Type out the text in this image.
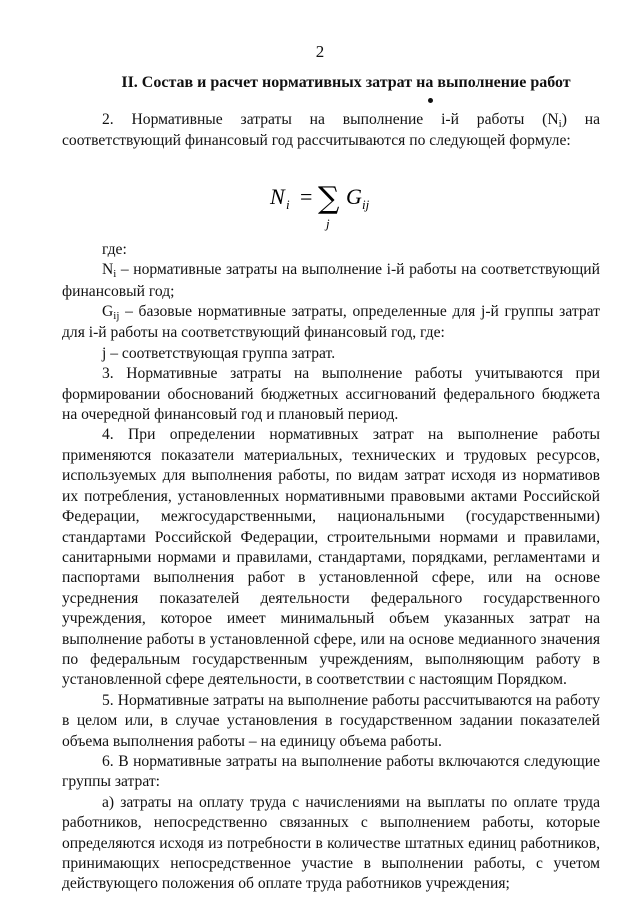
2
II. Состав и расчет нормативных затрат на выполнение работ

2. Нормативные затраты на выполнение i-й работы (Ni) на соответствующий финансовый год рассчитываются по следующей формуле:

N i = ∑
j
G ij

где:

Ni – нормативные затраты на выполнение i-й работы на соответствующий финансовый год;

Gij – базовые нормативные затраты, определенные для j-й группы затрат для i-й работы на соответствующий финансовый год, где:

j – соответствующая группа затрат.

3. Нормативные затраты на выполнение работы учитываются при формировании обоснований бюджетных ассигнований федерального бюджета на очередной финансовый год и плановый период.

4. При определении нормативных затрат на выполнение работы применяются показатели материальных, технических и трудовых ресурсов, используемых для выполнения работы, по видам затрат исходя из нормативов их потребления, установленных нормативными правовыми актами Российской Федерации, межгосударственными, национальными (государственными) стандартами Российской Федерации, строительными нормами и правилами, санитарными нормами и правилами, стандартами, порядками, регламентами и паспортами выполнения работ в установленной сфере, или на основе усреднения показателей деятельности федерального государственного учреждения, которое имеет минимальный объем указанных затрат на выполнение работы в установленной сфере, или на основе медианного значения по федеральным государственным учреждениям, выполняющим работу в установленной сфере деятельности, в соответствии с настоящим Порядком.

5. Нормативные затраты на выполнение работы рассчитываются на работу в целом или, в случае установления в государственном задании показателей объема выполнения работы – на единицу объема работы.

6. В нормативные затраты на выполнение работы включаются следующие группы затрат:

а) затраты на оплату труда с начислениями на выплаты по оплате труда работников, непосредственно связанных с выполнением работы, которые определяются исходя из потребности в количестве штатных единиц работников, принимающих непосредственное участие в выполнении работы, с учетом действующего положения об оплате труда работников учреждения;
